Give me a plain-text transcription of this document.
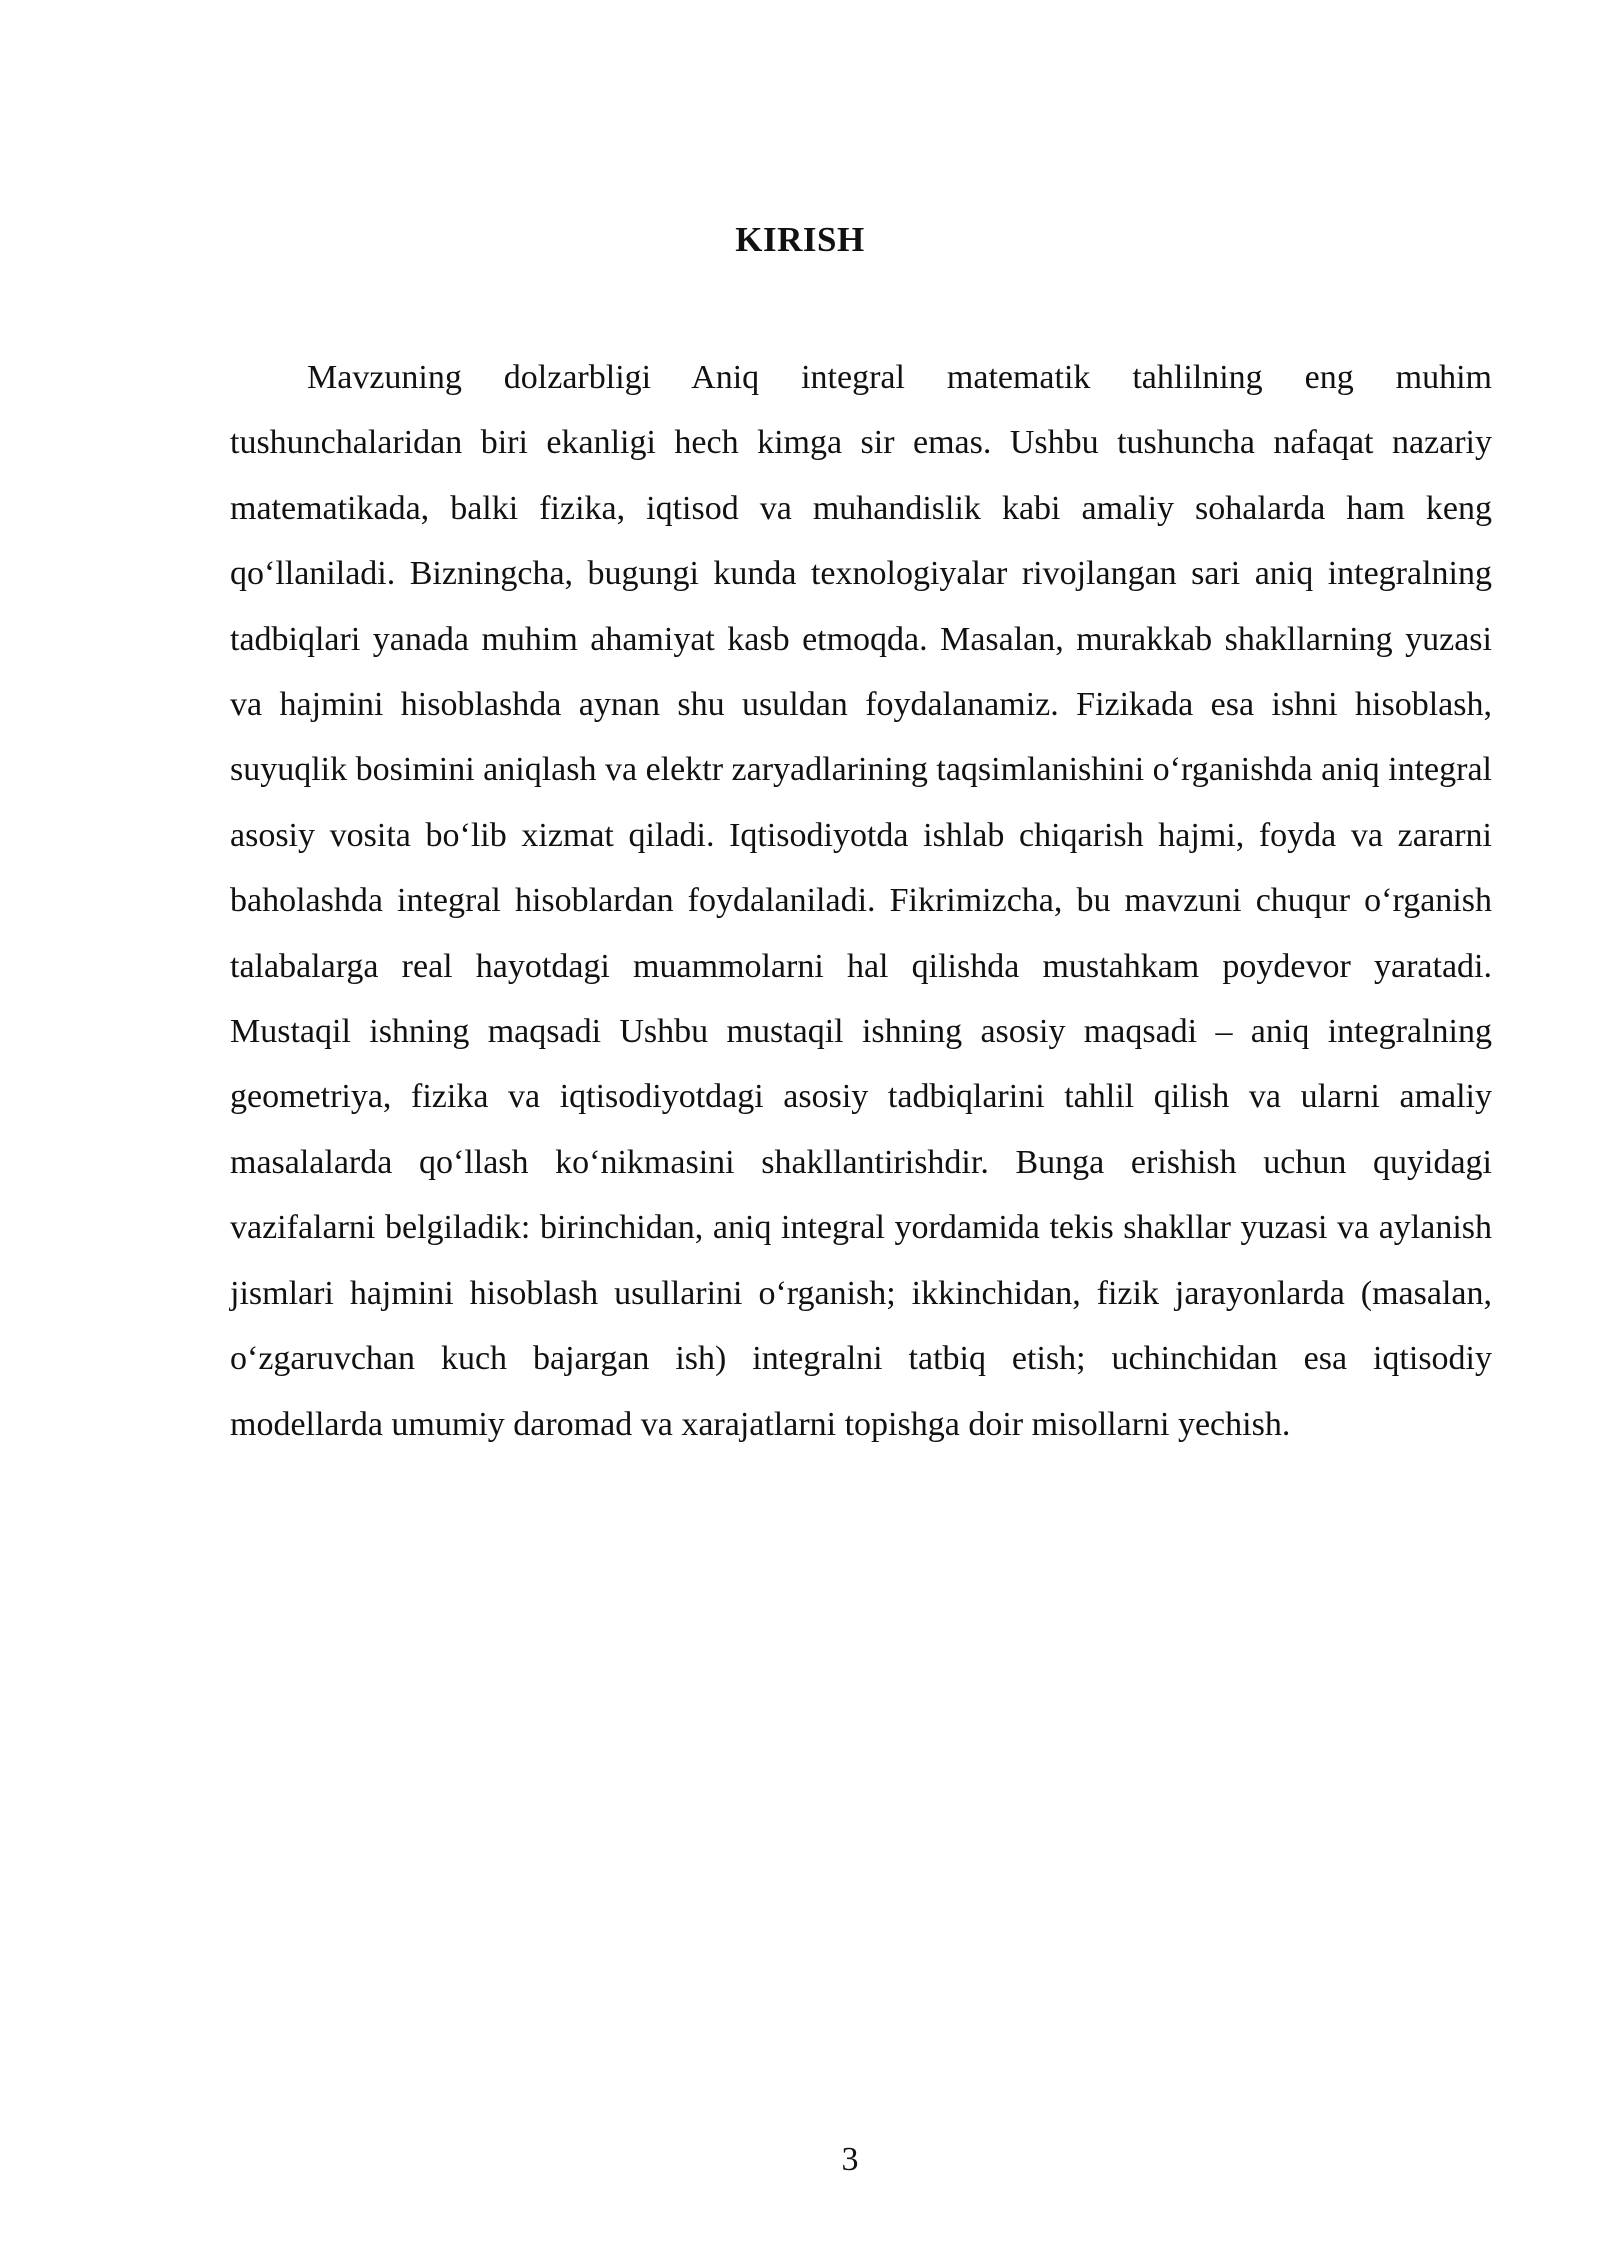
KIRISH

Mavzuning dolzarbligi Aniq integral matematik tahlilning eng muhim tushunchalaridan biri ekanligi hech kimga sir emas. Ushbu tushuncha nafaqat nazariy matematikada, balki fizika, iqtisod va muhandislik kabi amaliy sohalarda ham keng qo‘llaniladi. Bizningcha, bugungi kunda texnologiyalar rivojlangan sari aniq integralning tadbiqlari yanada muhim ahamiyat kasb etmoqda. Masalan, murakkab shakllarning yuzasi va hajmini hisoblashda aynan shu usuldan foydalanamiz. Fizikada esa ishni hisoblash, suyuqlik bosimini aniqlash va elektr zaryadlarining taqsimlanishini o‘rganishda aniq integral asosiy vosita bo‘lib xizmat qiladi. Iqtisodiyotda ishlab chiqarish hajmi, foyda va zararni baholashda integral hisoblardan foydalaniladi. Fikrimizcha, bu mavzuni chuqur o‘rganish talabalarga real hayotdagi muammolarni hal qilishda mustahkam poydevor yaratadi. Mustaqil ishning maqsadi Ushbu mustaqil ishning asosiy maqsadi – aniq integralning geometriya, fizika va iqtisodiyotdagi asosiy tadbiqlarini tahlil qilish va ularni amaliy masalalarda qo‘llash ko‘nikmasini shakllantirishdir. Bunga erishish uchun quyidagi vazifalarni belgiladik: birinchidan, aniq integral yordamida tekis shakllar yuzasi va aylanish jismlari hajmini hisoblash usullarini o‘rganish; ikkinchidan, fizik jarayonlarda (masalan, o‘zgaruvchan kuch bajargan ish) integralni tatbiq etish; uchinchidan esa iqtisodiy modellarda umumiy daromad va xarajatlarni topishga doir misollarni yechish.

3
